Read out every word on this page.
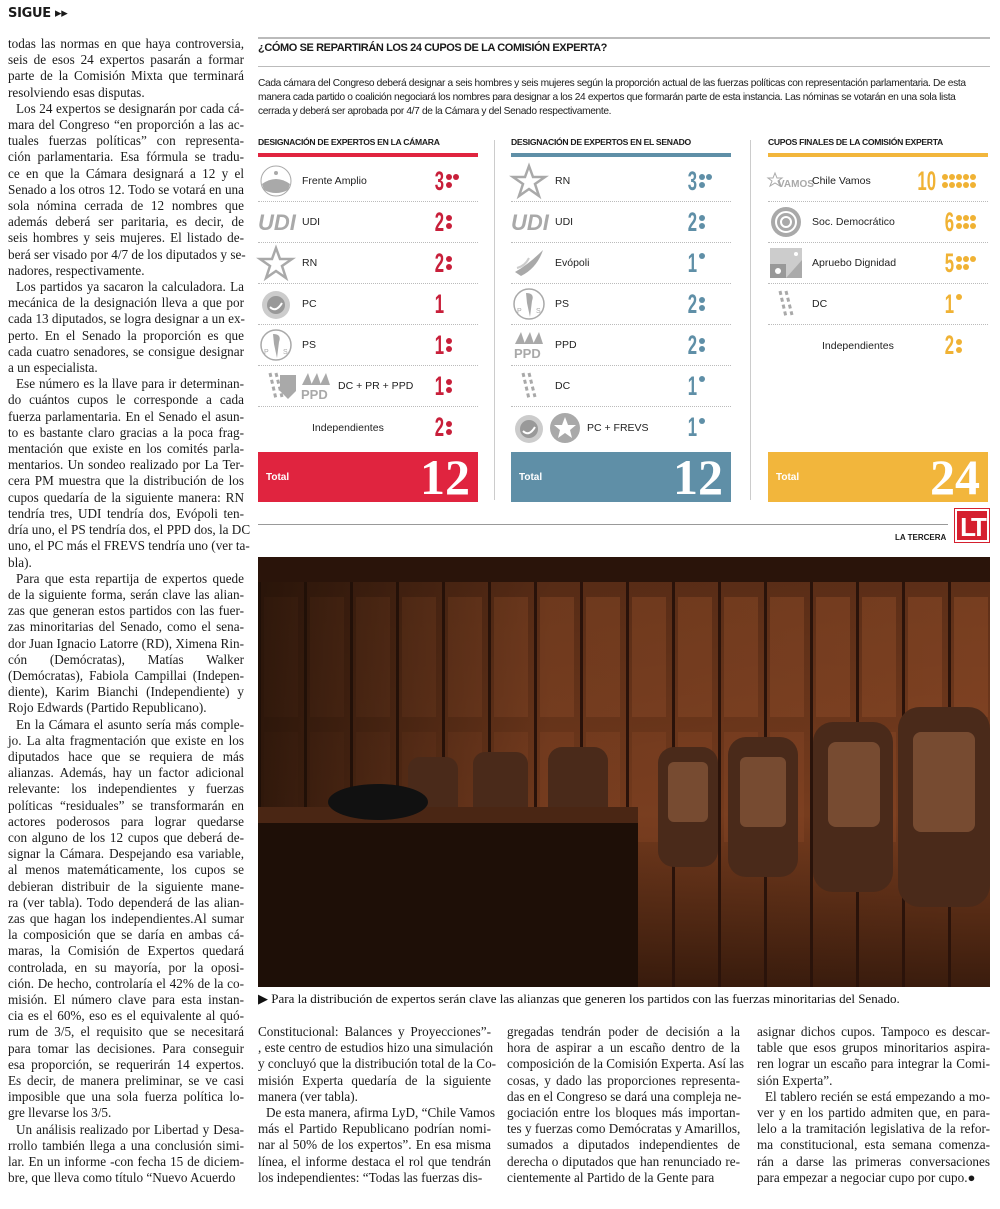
SIGUE ▸▸
todas las normas en que haya controversia,
seis de esos 24 expertos pasarán a formar
parte de la Comisión Mixta que terminará
resolviendo esas disputas.
Los 24 expertos se designarán por cada cá-
mara del Congreso “en proporción a las ac-
tuales fuerzas políticas” con representa-
ción parlamentaria. Esa fórmula se tradu-
ce en que la Cámara designará a 12 y el
Senado a los otros 12. Todo se votará en una
sola nómina cerrada de 12 nombres que
además deberá ser paritaria, es decir, de
seis hombres y seis mujeres. El listado de-
berá ser visado por 4/7 de los diputados y se-
nadores, respectivamente.
Los partidos ya sacaron la calculadora. La
mecánica de la designación lleva a que por
cada 13 diputados, se logra designar a un ex-
perto. En el Senado la proporción es que
cada cuatro senadores, se consigue designar
a un especialista.
Ese número es la llave para ir determinan-
do cuántos cupos le corresponde a cada
fuerza parlamentaria. En el Senado el asun-
to es bastante claro gracias a la poca frag-
mentación que existe en los comités parla-
mentarios. Un sondeo realizado por La Ter-
cera PM muestra que la distribución de los
cupos quedaría de la siguiente manera: RN
tendría tres, UDI tendría dos, Evópoli ten-
dría uno, el PS tendría dos, el PPD dos, la DC
uno, el PC más el FREVS tendría uno (ver ta-
bla).
Para que esta repartija de expertos quede
de la siguiente forma, serán clave las alian-
zas que generan estos partidos con las fuer-
zas minoritarias del Senado, como el sena-
dor Juan Ignacio Latorre (RD), Ximena Rin-
cón (Demócratas), Matías Walker
(Demócratas), Fabiola Campillai (Indepen-
diente), Karim Bianchi (Independiente) y
Rojo Edwards (Partido Republicano).
En la Cámara el asunto sería más comple-
jo. La alta fragmentación que existe en los
diputados hace que se requiera de más
alianzas. Además, hay un factor adicional
relevante: los independientes y fuerzas
políticas “residuales” se transformarán en
actores poderosos para lograr quedarse
con alguno de los 12 cupos que deberá de-
signar la Cámara. Despejando esa variable,
al menos matemáticamente, los cupos se
debieran distribuir de la siguiente mane-
ra (ver tabla). Todo dependerá de las alian-
zas que hagan los independientes.Al sumar
la composición que se daría en ambas cá-
maras, la Comisión de Expertos quedará
controlada, en su mayoría, por la oposi-
ción. De hecho, controlaría el 42% de la co-
misión. El número clave para esta instan-
cia es el 60%, eso es el equivalente al quó-
rum de 3/5, el requisito que se necesitará
para tomar las decisiones. Para conseguir
esa proporción, se requerirán 14 expertos.
Es decir, de manera preliminar, se ve casi
imposible que una sola fuerza política lo-
gre llevarse los 3/5.
Un análisis realizado por Libertad y Desa-
rrollo también llega a una conclusión simi-
lar. En un informe -con fecha 15 de diciem-
bre, que lleva como título “Nuevo Acuerdo
¿CÓMO SE REPARTIRÁN LOS 24 CUPOS DE LA COMISIÓN EXPERTA?
Cada cámara del Congreso deberá designar a seis hombres y seis mujeres según la proporción actual de las fuerzas políticas con representación parlamentaria. De esta manera cada partido o coalición negociará los nombres para designar a los 24 expertos que formarán parte de esta instancia. Las nóminas se votarán en una sola lista cerrada y deberá ser aprobada por 4/7 de la Cámara y del Senado respectivamente.
DESIGNACIÓN DE EXPERTOS EN LA CÁMARA
Frente Amplio	3
UDI UDI	2
RN	2
PC	1
P S
PS	1
PPD
DC + PR + PPD 1
Independientes 2
Total	12
DESIGNACIÓN DE EXPERTOS EN EL SENADO
RN	3
UDI UDI	2
Evópoli	1
P S
PS	2
PPD
PPD	2
DC	1
PC + FREVS 1
Total	12
CUPOS FINALES DE LA COMISIÓN EXPERTA
VAMOS
Chile Vamos 10
Soc. Democrático 6
Apruebo Dignidad 5
DC	1
Independientes 2
Total	24
LA TERCERA LT
▶ Para la distribución de expertos serán clave las alianzas que generen los partidos con las fuerzas minoritarias del Senado.
Constitucional: Balances y Proyecciones”-
, este centro de estudios hizo una simulación
y concluyó que la distribución total de la Co-
misión Experta quedaría de la siguiente
manera (ver tabla).
De esta manera, afirma LyD, “Chile Vamos
más el Partido Republicano podrían nomi-
nar al 50% de los expertos”. En esa misma
línea, el informe destaca el rol que tendrán
los independientes: “Todas las fuerzas dis-
gregadas tendrán poder de decisión a la
hora de aspirar a un escaño dentro de la
composición de la Comisión Experta. Así las
cosas, y dado las proporciones representa-
das en el Congreso se dará una compleja ne-
gociación entre los bloques más importan-
tes y fuerzas como Demócratas y Amarillos,
sumados a diputados independientes de
derecha o diputados que han renunciado re-
cientemente al Partido de la Gente para
asignar dichos cupos. Tampoco es descar-
table que esos grupos minoritarios aspira-
ren lograr un escaño para integrar la Comi-
sión Experta”.
El tablero recién se está empezando a mo-
ver y en los partido admiten que, en para-
lelo a la tramitación legislativa de la refor-
ma constitucional, esta semana comenza-
rán a darse las primeras conversaciones
para empezar a negociar cupo por cupo.●
